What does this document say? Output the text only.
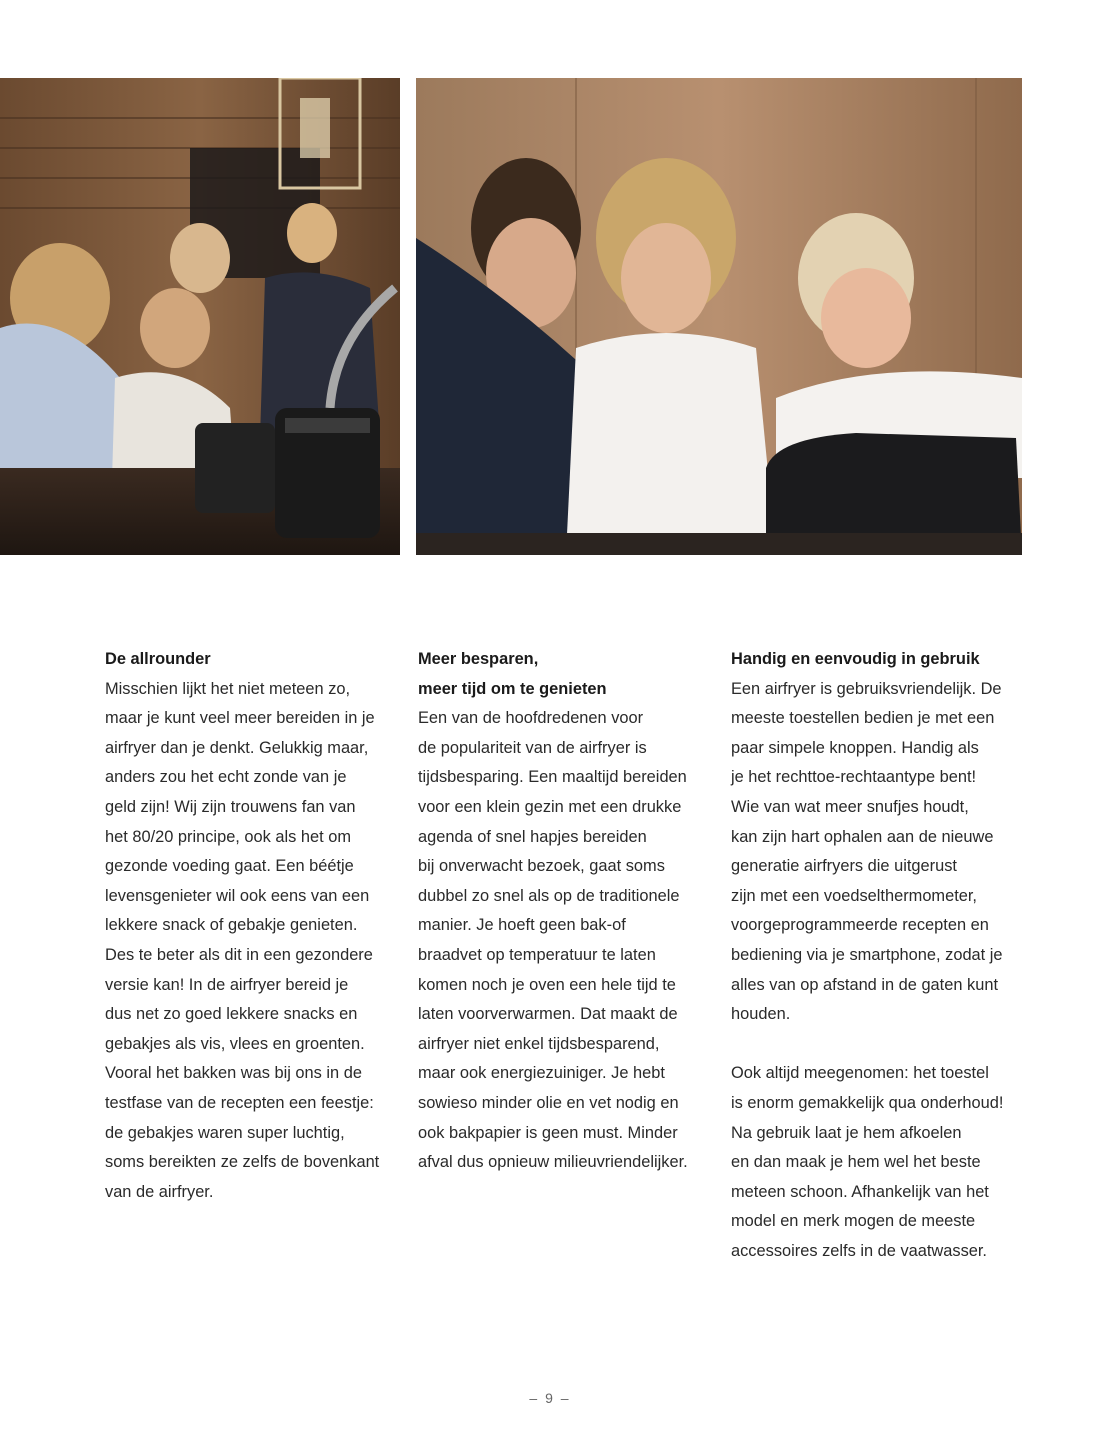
De allrounder
Misschien lijkt het niet meteen zo,
maar je kunt veel meer bereiden in je
airfryer dan je denkt. Gelukkig maar,
anders zou het echt zonde van je
geld zijn! Wij zijn trouwens fan van
het 80/20 principe, ook als het om
gezonde voeding gaat. Een béétje
levensgenieter wil ook eens van een
lekkere snack of gebakje genieten.
Des te beter als dit in een gezondere
versie kan! In de airfryer bereid je
dus net zo goed lekkere snacks en
gebakjes als vis, vlees en groenten.
Vooral het bakken was bij ons in de
testfase van de recepten een feestje:
de gebakjes waren super luchtig,
soms bereikten ze zelfs de bovenkant
van de airfryer.
Meer besparen,
meer tijd om te genieten
Een van de hoofdredenen voor
de populariteit van de airfryer is
tijdsbesparing. Een maaltijd bereiden
voor een klein gezin met een drukke
agenda of snel hapjes bereiden
bij onverwacht bezoek, gaat soms
dubbel zo snel als op de traditionele
manier. Je hoeft geen bak-of
braadvet op temperatuur te laten
komen noch je oven een hele tijd te
laten voorverwarmen. Dat maakt de
airfryer niet enkel tijdsbesparend,
maar ook energiezuiniger. Je hebt
sowieso minder olie en vet nodig en
ook bakpapier is geen must. Minder
afval dus opnieuw milieuvriendelijker.
Handig en eenvoudig in gebruik
Een airfryer is gebruiksvriendelijk. De
meeste toestellen bedien je met een
paar simpele knoppen. Handig als
je het rechttoe-rechtaantype bent!
Wie van wat meer snufjes houdt,
kan zijn hart ophalen aan de nieuwe
generatie airfryers die uitgerust
zijn met een voedselthermometer,
voorgeprogrammeerde recepten en
bediening via je smartphone, zodat je
alles van op afstand in de gaten kunt
houden.
Ook altijd meegenomen: het toestel
is enorm gemakkelijk qua onderhoud!
Na gebruik laat je hem afkoelen
en dan maak je hem wel het beste
meteen schoon. Afhankelijk van het
model en merk mogen de meeste
accessoires zelfs in de vaatwasser.
– 9 –
